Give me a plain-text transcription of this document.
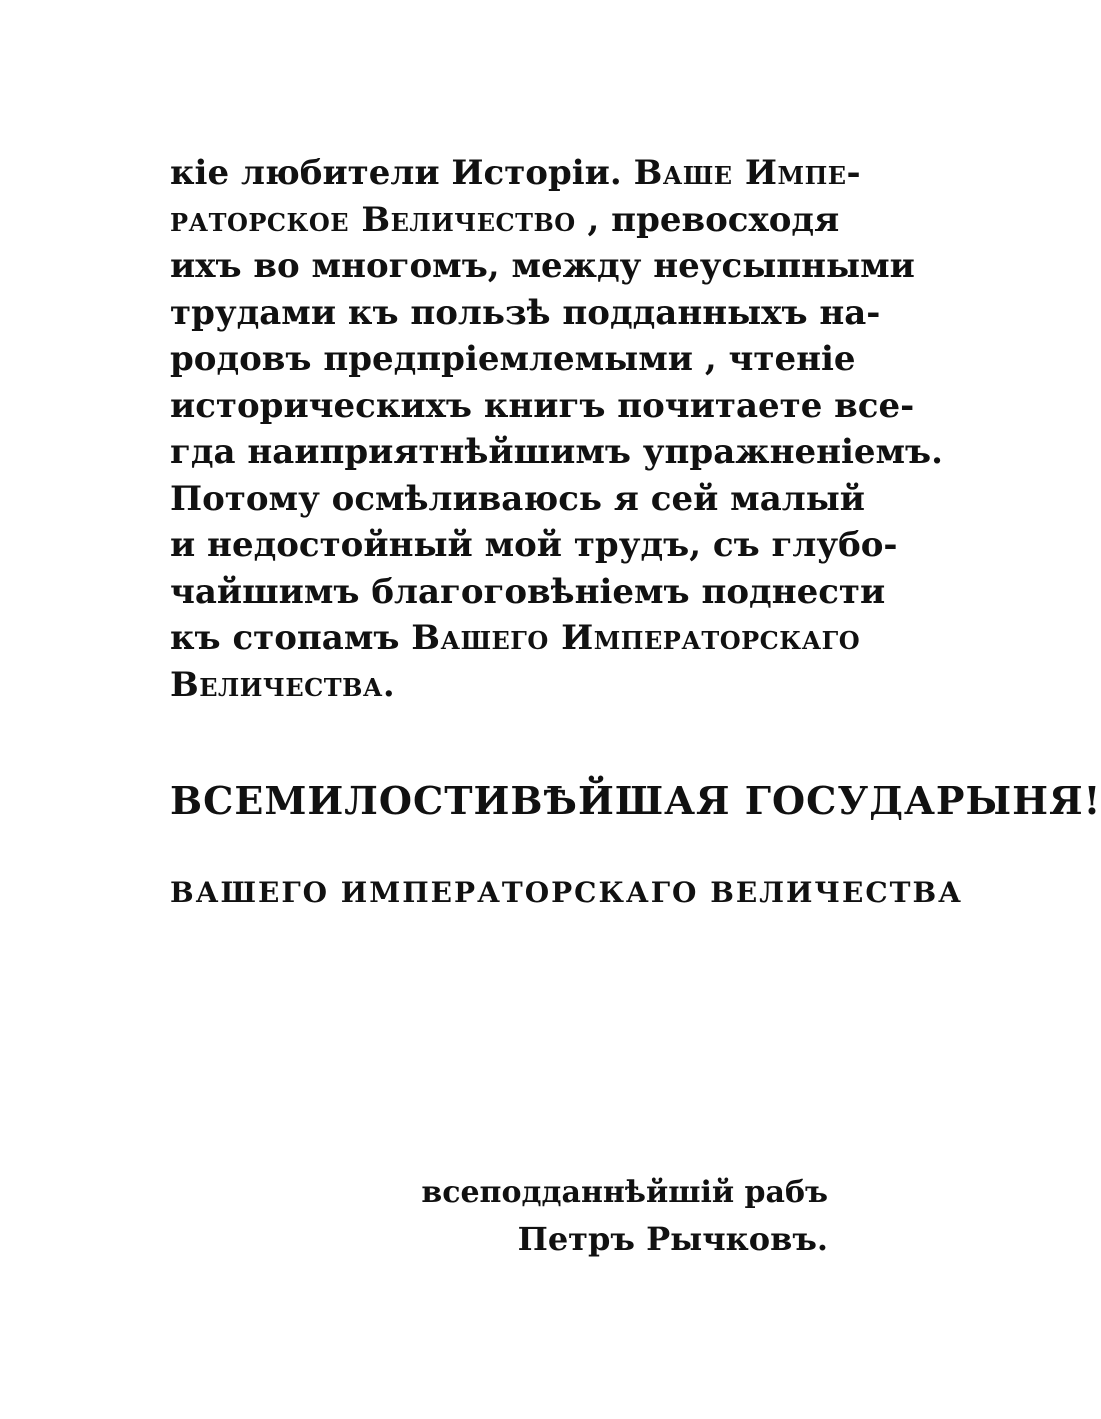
кіе любители Исторіи. Ваше Импе-
раторское Величество , превосходя
ихъ во многомъ, между неусыпными
трудами къ пользѣ подданныхъ на-
родовъ предпріемлемыми , чтеніе
историческихъ книгъ почитаете все-
гда наиприятнѣйшимъ упражненіемъ.
Потому осмѣливаюсь я сей малый
и недостойный мой трудъ, съ глубо-
чайшимъ благоговѣніемъ поднести
къ стопамъ Вашего Императорскаго
Величества.
ВСЕМИЛОСТИВѢЙШАЯ ГОСУДАРЫНЯ!
ВАШЕГО ИМПЕРАТОРСКАГО ВЕЛИЧЕСТВА
всеподданнѣйшій рабъ
Петръ Рычковъ.
